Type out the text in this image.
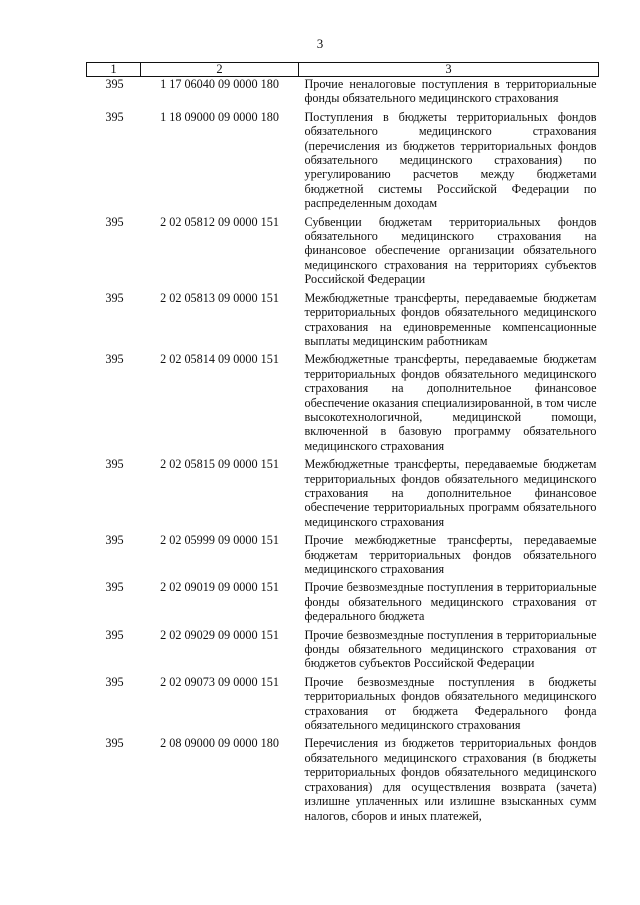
3
1	2	3
395	1 17 06040 09 0000 180	Прочие неналоговые поступления в территориальные фонды обязательного медицинского страхования
395	1 18 09000 09 0000 180	Поступления в бюджеты территориальных фондов обязательного медицинского страхования (перечисления из бюджетов территориальных фондов обязательного медицинского страхования) по урегулированию расчетов между бюджетами бюджетной системы Российской Федерации по распределенным доходам
395	2 02 05812 09 0000 151	Субвенции бюджетам территориальных фондов обязательного медицинского страхования на финансовое обеспечение организации обязательного медицинского страхования на территориях субъектов Российской Федерации
395	2 02 05813 09 0000 151	Межбюджетные трансферты, передаваемые бюджетам территориальных фондов обязательного медицинского страхования на единовременные компенсационные выплаты медицинским работникам
395	2 02 05814 09 0000 151	Межбюджетные трансферты, передаваемые бюджетам территориальных фондов обязательного медицинского страхования на дополнительное финансовое обеспечение оказания специализированной, в том числе высокотехнологичной, медицинской помощи, включенной в базовую программу обязательного медицинского страхования
395	2 02 05815 09 0000 151	Межбюджетные трансферты, передаваемые бюджетам территориальных фондов обязательного медицинского страхования на дополнительное финансовое обеспечение территориальных программ обязательного медицинского страхования
395	2 02 05999 09 0000 151	Прочие межбюджетные трансферты, передаваемые бюджетам территориальных фондов обязательного медицинского страхования
395	2 02 09019 09 0000 151	Прочие безвозмездные поступления в территориальные фонды обязательного медицинского страхования от федерального бюджета
395	2 02 09029 09 0000 151	Прочие безвозмездные поступления в территориальные фонды обязательного медицинского страхования от бюджетов субъектов Российской Федерации
395	2 02 09073 09 0000 151	Прочие безвозмездные поступления в бюджеты территориальных фондов обязательного медицинского страхования от бюджета Федерального фонда обязательного медицинского страхования
395	2 08 09000 09 0000 180	Перечисления из бюджетов территориальных фондов обязательного медицинского страхования (в бюджеты территориальных фондов обязательного медицинского страхования) для осуществления возврата (зачета) излишне уплаченных или излишне взысканных сумм налогов, сборов и иных платежей,
